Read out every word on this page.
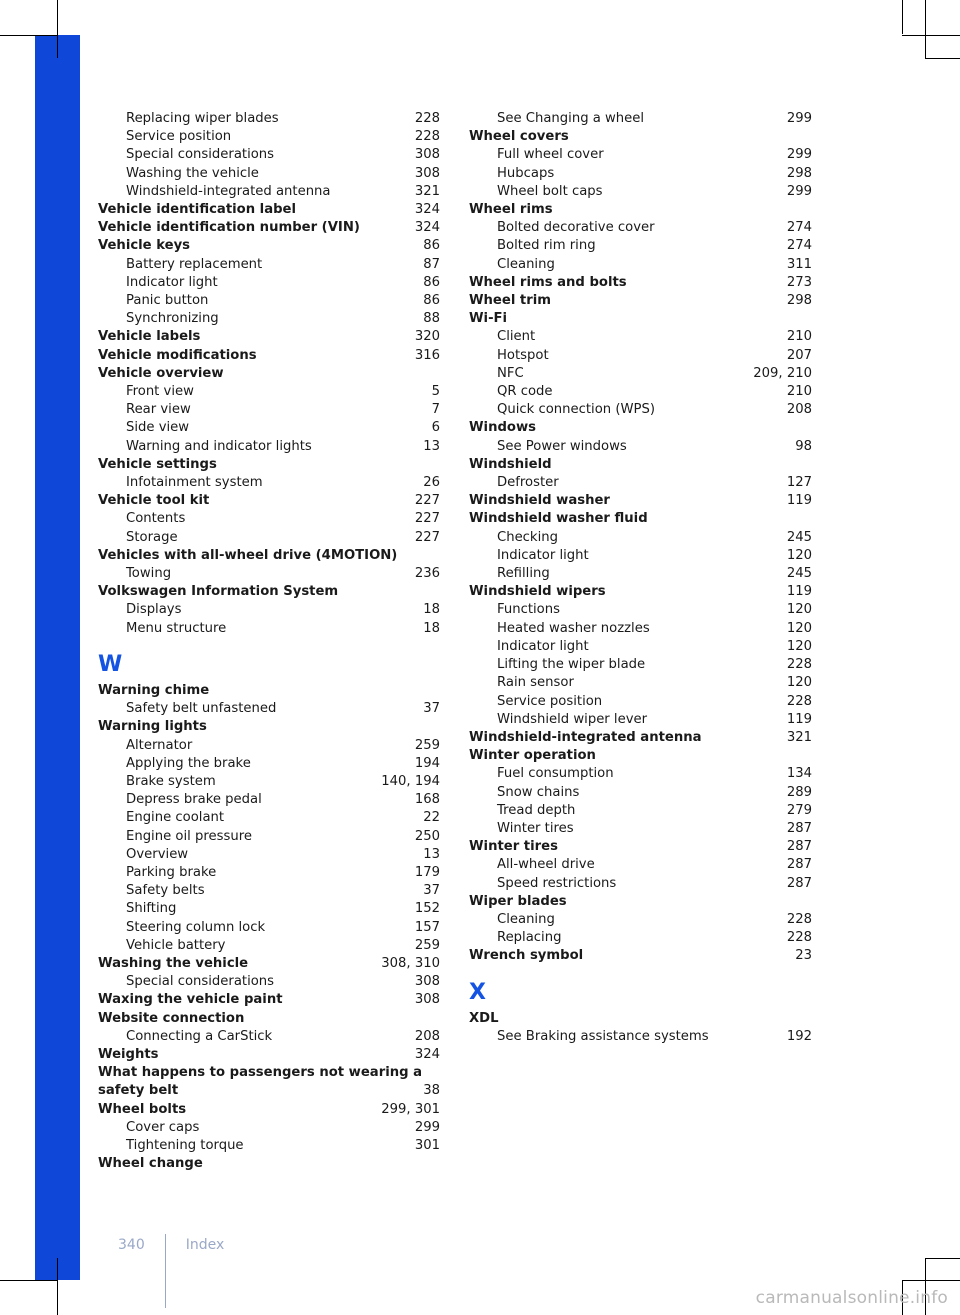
Replacing wiper blades	228
Service position	228
Special considerations	308
Washing the vehicle	308
Windshield-integrated antenna	321
Vehicle identification label	324
Vehicle identification number (VIN)	324
Vehicle keys	86
Battery replacement	87
Indicator light	86
Panic button	86
Synchronizing	88
Vehicle labels	320
Vehicle modifications	316
Vehicle overview
Front view	5
Rear view	7
Side view	6
Warning and indicator lights	13
Vehicle settings
Infotainment system	26
Vehicle tool kit	227
Contents	227
Storage	227
Vehicles with all-wheel drive (4MOTION)
Towing	236
Volkswagen Information System
Displays	18
Menu structure	18
W
Warning chime
Safety belt unfastened	37
Warning lights
Alternator	259
Applying the brake	194
Brake system	140, 194
Depress brake pedal	168
Engine coolant	22
Engine oil pressure	250
Overview	13
Parking brake	179
Safety belts	37
Shifting	152
Steering column lock	157
Vehicle battery	259
Washing the vehicle	308, 310
Special considerations	308
Waxing the vehicle paint	308
Website connection
Connecting a CarStick	208
Weights	324
What happens to passengers not wearing a safety belt	38
Wheel bolts	299, 301
Cover caps	299
Tightening torque	301
Wheel change
See Changing a wheel	299
Wheel covers
Full wheel cover	299
Hubcaps	298
Wheel bolt caps	299
Wheel rims
Bolted decorative cover	274
Bolted rim ring	274
Cleaning	311
Wheel rims and bolts	273
Wheel trim	298
Wi-Fi
Client	210
Hotspot	207
NFC	209, 210
QR code	210
Quick connection (WPS)	208
Windows
See Power windows	98
Windshield
Defroster	127
Windshield washer	119
Windshield washer fluid
Checking	245
Indicator light	120
Refilling	245
Windshield wipers	119
Functions	120
Heated washer nozzles	120
Indicator light	120
Lifting the wiper blade	228
Rain sensor	120
Service position	228
Windshield wiper lever	119
Windshield-integrated antenna	321
Winter operation
Fuel consumption	134
Snow chains	289
Tread depth	279
Winter tires	287
Winter tires	287
All-wheel drive	287
Speed restrictions	287
Wiper blades
Cleaning	228
Replacing	228
Wrench symbol	23
X
XDL
See Braking assistance systems	192
340	Index
carmanualsonline.info
